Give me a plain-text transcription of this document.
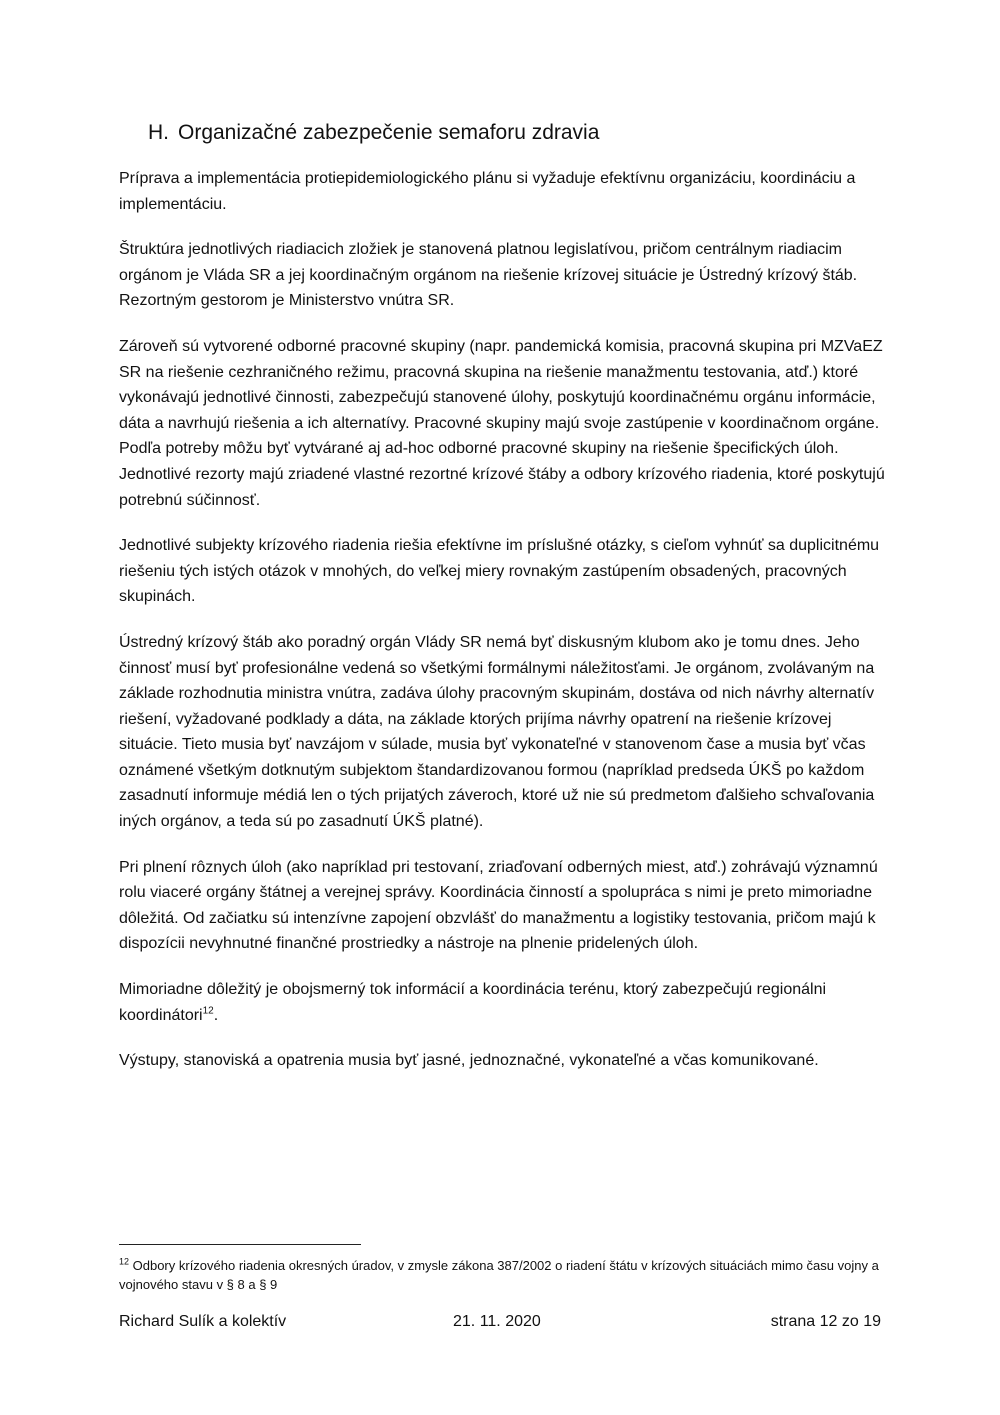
H. Organizačné zabezpečenie semaforu zdravia

Príprava a implementácia protiepidemiologického plánu si vyžaduje efektívnu organizáciu, koordináciu a implementáciu.

Štruktúra jednotlivých riadiacich zložiek je stanovená platnou legislatívou, pričom centrálnym riadiacim orgánom je Vláda SR a jej koordinačným orgánom na riešenie krízovej situácie je Ústredný krízový štáb. Rezortným gestorom je Ministerstvo vnútra SR.

Zároveň sú vytvorené odborné pracovné skupiny (napr. pandemická komisia, pracovná skupina pri MZVaEZ SR na riešenie cezhraničného režimu, pracovná skupina na riešenie manažmentu testovania, atď.) ktoré vykonávajú jednotlivé činnosti, zabezpečujú stanovené úlohy, poskytujú koordinačnému orgánu informácie, dáta a navrhujú riešenia a ich alternatívy. Pracovné skupiny majú svoje zastúpenie v koordinačnom orgáne. Podľa potreby môžu byť vytvárané aj ad-hoc odborné pracovné skupiny na riešenie špecifických úloh. Jednotlivé rezorty majú zriadené vlastné rezortné krízové štáby a odbory krízového riadenia, ktoré poskytujú potrebnú súčinnosť.

Jednotlivé subjekty krízového riadenia riešia efektívne im príslušné otázky, s cieľom vyhnúť sa duplicitnému riešeniu tých istých otázok v mnohých, do veľkej miery rovnakým zastúpením obsadených, pracovných skupinách.

Ústredný krízový štáb ako poradný orgán Vlády SR nemá byť diskusným klubom ako je tomu dnes. Jeho činnosť musí byť profesionálne vedená so všetkými formálnymi náležitosťami. Je orgánom, zvolávaným na základe rozhodnutia ministra vnútra, zadáva úlohy pracovným skupinám, dostáva od nich návrhy alternatív riešení, vyžadované podklady a dáta, na základe ktorých prijíma návrhy opatrení na riešenie krízovej situácie. Tieto musia byť navzájom v súlade, musia byť vykonateľné v stanovenom čase a musia byť včas oznámené všetkým dotknutým subjektom štandardizovanou formou (napríklad predseda ÚKŠ po každom zasadnutí informuje médiá len o tých prijatých záveroch, ktoré už nie sú predmetom ďalšieho schvaľovania iných orgánov, a teda sú po zasadnutí ÚKŠ platné).

Pri plnení rôznych úloh (ako napríklad pri testovaní, zriaďovaní odberných miest, atď.) zohrávajú významnú rolu viaceré orgány štátnej a verejnej správy. Koordinácia činností a spolupráca s nimi je preto mimoriadne dôležitá. Od začiatku sú intenzívne zapojení obzvlášť do manažmentu a logistiky testovania, pričom majú k dispozícii nevyhnutné finančné prostriedky a nástroje na plnenie pridelených úloh.

Mimoriadne dôležitý je obojsmerný tok informácií a koordinácia terénu, ktorý zabezpečujú regionálni koordinátori$^{12}$.

Výstupy, stanoviská a opatrenia musia byť jasné, jednoznačné, vykonateľné a včas komunikované.

$^{12}$ Odbory krízového riadenia okresných úradov, v zmysle zákona 387/2002 o riadení štátu v krízových situáciách mimo času vojny a vojnového stavu v § 8 a § 9

Richard Sulík a kolektív	21. 11. 2020	strana 12 zo 19
